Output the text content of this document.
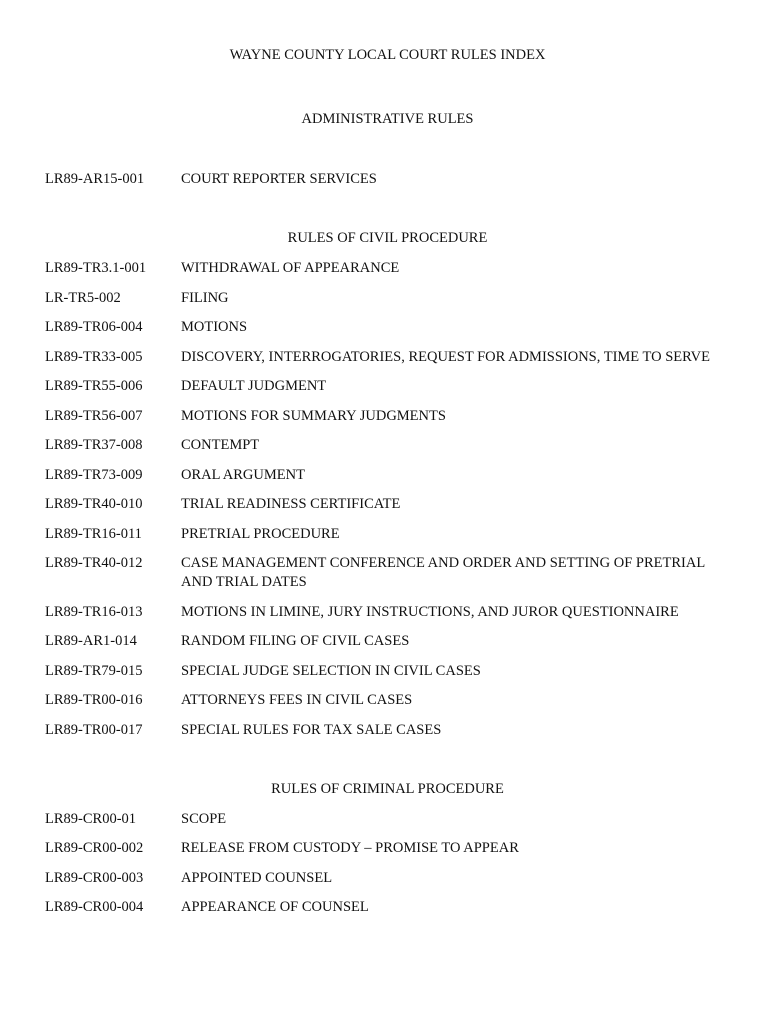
WAYNE COUNTY LOCAL COURT RULES INDEX
ADMINISTRATIVE RULES
LR89-AR15-001	COURT REPORTER SERVICES
RULES OF CIVIL PROCEDURE
LR89-TR3.1-001	WITHDRAWAL OF APPEARANCE
LR-TR5-002	FILING
LR89-TR06-004	MOTIONS
LR89-TR33-005	DISCOVERY, INTERROGATORIES, REQUEST FOR ADMISSIONS, TIME TO SERVE
LR89-TR55-006	DEFAULT JUDGMENT
LR89-TR56-007	MOTIONS FOR SUMMARY JUDGMENTS
LR89-TR37-008	CONTEMPT
LR89-TR73-009	ORAL ARGUMENT
LR89-TR40-010	TRIAL READINESS CERTIFICATE
LR89-TR16-011	PRETRIAL PROCEDURE
LR89-TR40-012	CASE MANAGEMENT CONFERENCE AND ORDER AND SETTING OF PRETRIAL AND TRIAL DATES
LR89-TR16-013	MOTIONS IN LIMINE, JURY INSTRUCTIONS, AND JUROR QUESTIONNAIRE
LR89-AR1-014	RANDOM FILING OF CIVIL CASES
LR89-TR79-015	SPECIAL JUDGE SELECTION IN CIVIL CASES
LR89-TR00-016	ATTORNEYS FEES IN CIVIL CASES
LR89-TR00-017	SPECIAL RULES FOR TAX SALE CASES
RULES OF CRIMINAL PROCEDURE
LR89-CR00-01	SCOPE
LR89-CR00-002	RELEASE FROM CUSTODY – PROMISE TO APPEAR
LR89-CR00-003	APPOINTED COUNSEL
LR89-CR00-004	APPEARANCE OF COUNSEL
